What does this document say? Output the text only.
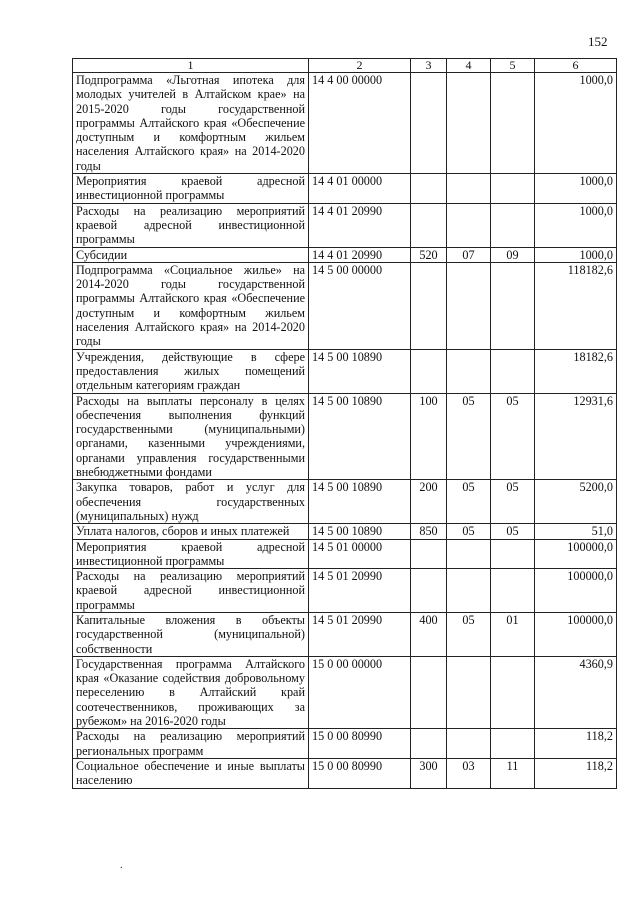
152
1	2	3	4	5	6
Подпрограмма «Льготная ипотека для молодых учителей в Алтайском крае» на 2015-2020 годы государственной программы Алтайского края «Обеспечение доступным и комфортным жильем населения Алтайского края» на 2014-2020 годы	14 4 00 00000				1000,0
Мероприятия краевой адресной инвестиционной программы	14 4 01 00000				1000,0
Расходы на реализацию мероприятий краевой адресной инвестиционной программы	14 4 01 20990				1000,0
Субсидии	14 4 01 20990	520	07	09	1000,0
Подпрограмма «Социальное жилье» на 2014-2020 годы государственной программы Алтайского края «Обеспечение доступным и комфортным жильем населения Алтайского края» на 2014-2020 годы	14 5 00 00000				118182,6
Учреждения, действующие в сфере предоставления жилых помещений отдельным категориям граждан	14 5 00 10890				18182,6
Расходы на выплаты персоналу в целях обеспечения выполнения функций государственными (муниципальными) органами, казенными учреждениями, органами управления государственными внебюджетными фондами	14 5 00 10890	100	05	05	12931,6
Закупка товаров, работ и услуг для обеспечения государственных (муниципальных) нужд	14 5 00 10890	200	05	05	5200,0
Уплата налогов, сборов и иных платежей	14 5 00 10890	850	05	05	51,0
Мероприятия краевой адресной инвестиционной программы	14 5 01 00000				100000,0
Расходы на реализацию мероприятий краевой адресной инвестиционной программы	14 5 01 20990				100000,0
Капитальные вложения в объекты государственной (муниципальной) собственности	14 5 01 20990	400	05	01	100000,0
Государственная программа Алтайского края «Оказание содействия добровольному переселению в Алтайский край соотечественников, проживающих за рубежом» на 2016-2020 годы	15 0 00 00000				4360,9
Расходы на реализацию мероприятий региональных программ	15 0 00 80990				118,2
Социальное обеспечение и иные выплаты населению	15 0 00 80990	300	03	11	118,2
.
